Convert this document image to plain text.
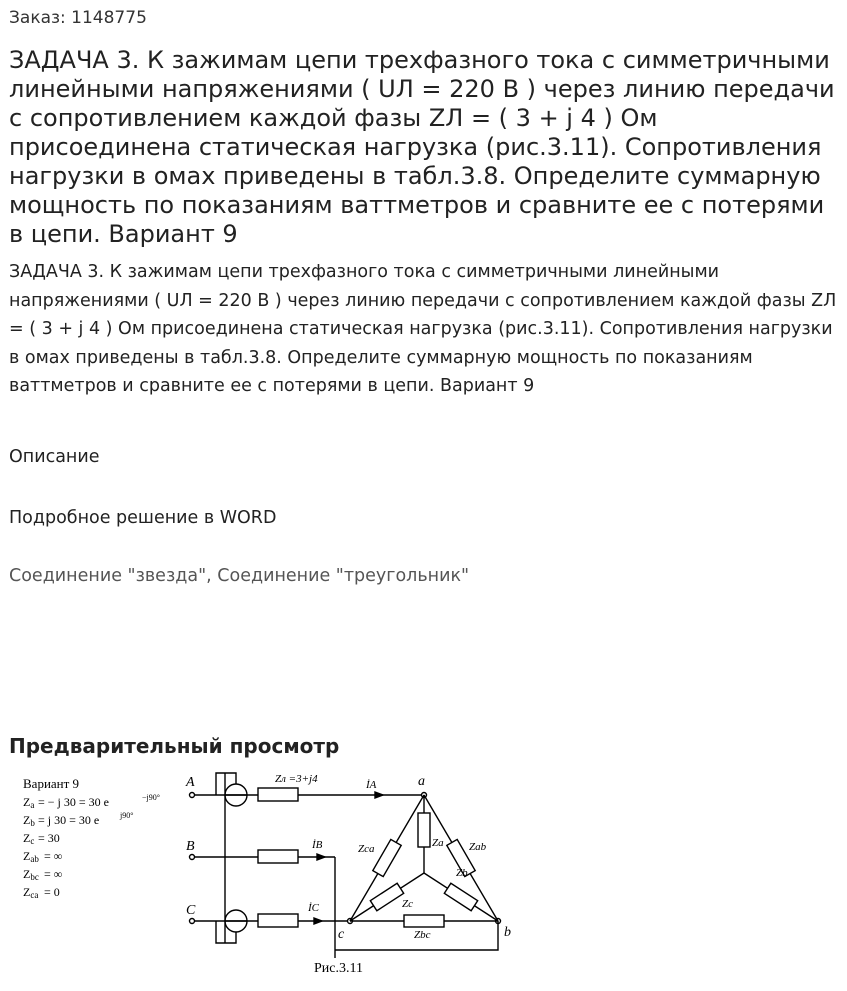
Заказ: 1148775
ЗАДАЧА 3. К зажимам цепи трехфазного тока с симметричными линейными напряжениями ( UЛ = 220 В ) через линию передачи с сопротивлением каждой фазы ZЛ = ( 3 + j 4 ) Ом присоединена статическая нагрузка (рис.3.11). Сопротивления нагрузки в омах приведены в табл.3.8. Определите суммарную мощность по показаниям ваттметров и сравните ее с потерями в цепи. Вариант 9
ЗАДАЧА 3. К зажимам цепи трехфазного тока с симметричными линейными напряжениями ( UЛ = 220 В ) через линию передачи с сопротивлением каждой фазы ZЛ = ( 3 + j 4 ) Ом присоединена статическая нагрузка (рис.3.11). Сопротивления нагрузки в омах приведены в табл.3.8. Определите суммарную мощность по показаниям ваттметров и сравните ее с потерями в цепи. Вариант 9
Описание
Подробное решение в WORD
Соединение "звезда", Соединение "треугольник"
Предварительный просмотр
Вариант 9
Za = − j 30 = 30 e	−j90°
Zb = j 30 = 30 e	j90°
Zc = 30
Zab = ∞
Zbc = ∞
Zca = 0
A
B
C
a
b
c
Zл =3+j4	İA
İB
İC
Zca	Zab
Zbc
Za
Zb
Zc
Рис.3.11
